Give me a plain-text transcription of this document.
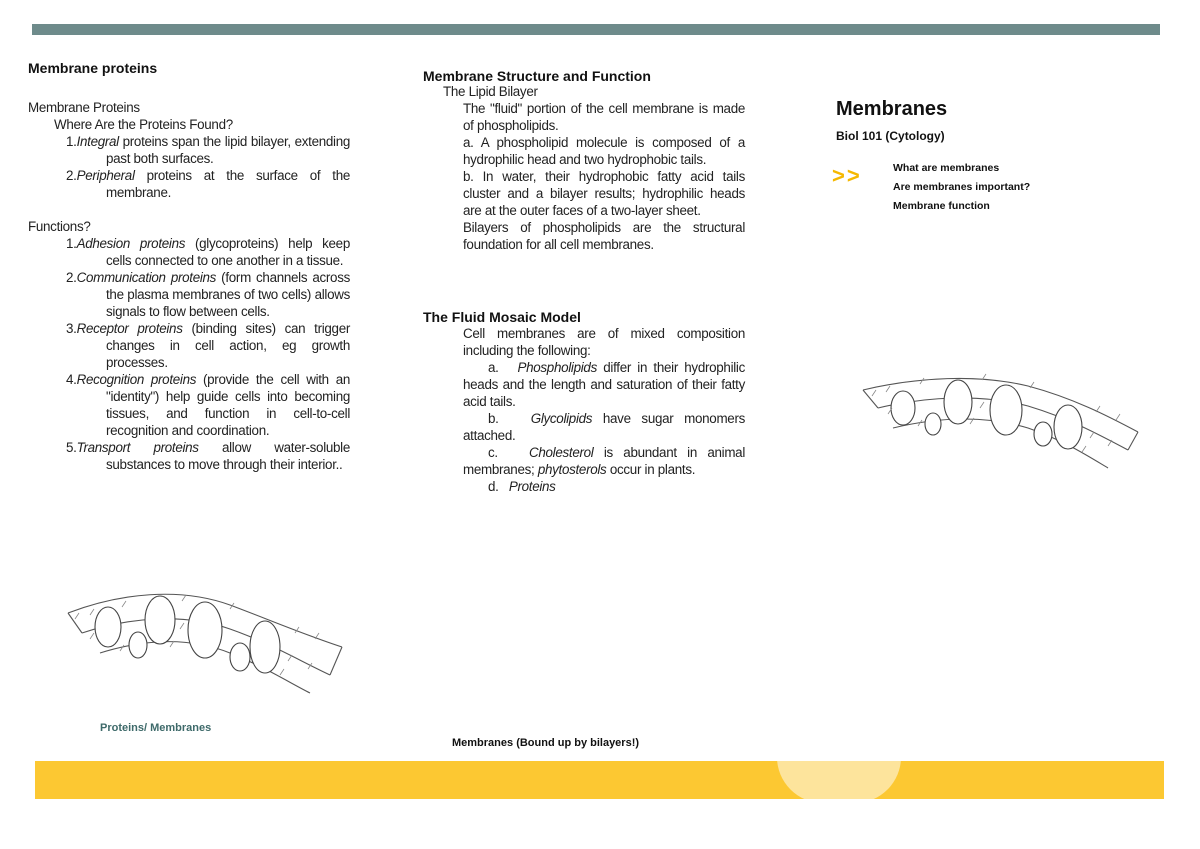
Membrane proteins
Membrane Proteins
Where Are the Proteins Found?
1.Integral proteins span the lipid bilayer, extending past both surfaces.
2.Peripheral proteins at the surface of the membrane.
Functions?
1.Adhesion proteins (glycoproteins) help keep cells connected to one another in a tissue.
2.Communication proteins (form channels across the plasma membranes of two cells) allows signals to flow between cells.
3.Receptor proteins (binding sites) can trigger changes in cell action, eg growth processes.
4.Recognition proteins (provide the cell with an "identity") help guide cells into becoming tissues, and function in cell-to-cell recognition and coordination.
5.Transport proteins allow water-soluble substances to move through their interior..
Proteins/ Membranes
Membrane Structure and Function
The Lipid Bilayer
The "fluid" portion of the cell membrane is made of phospholipids.
a. A phospholipid molecule is composed of a hydrophilic head and two hydrophobic tails.
b. In water, their hydrophobic fatty acid tails cluster and a bilayer results; hydrophilic heads are at the outer faces of a two-layer sheet.
Bilayers of phospholipids are the structural foundation for all cell membranes.
The Fluid Mosaic Model
Cell membranes are of mixed composition including the following:
a. Phospholipids differ in their hydrophilic heads and the length and saturation of their fatty acid tails.
b. Glycolipids have sugar monomers attached.
c. Cholesterol is abundant in animal membranes; phytosterols occur in plants.
d. Proteins
Membranes (Bound up by bilayers!)
Membranes
Biol 101 (Cytology)
>>	What are membranes
Are membranes important?
Membrane function
